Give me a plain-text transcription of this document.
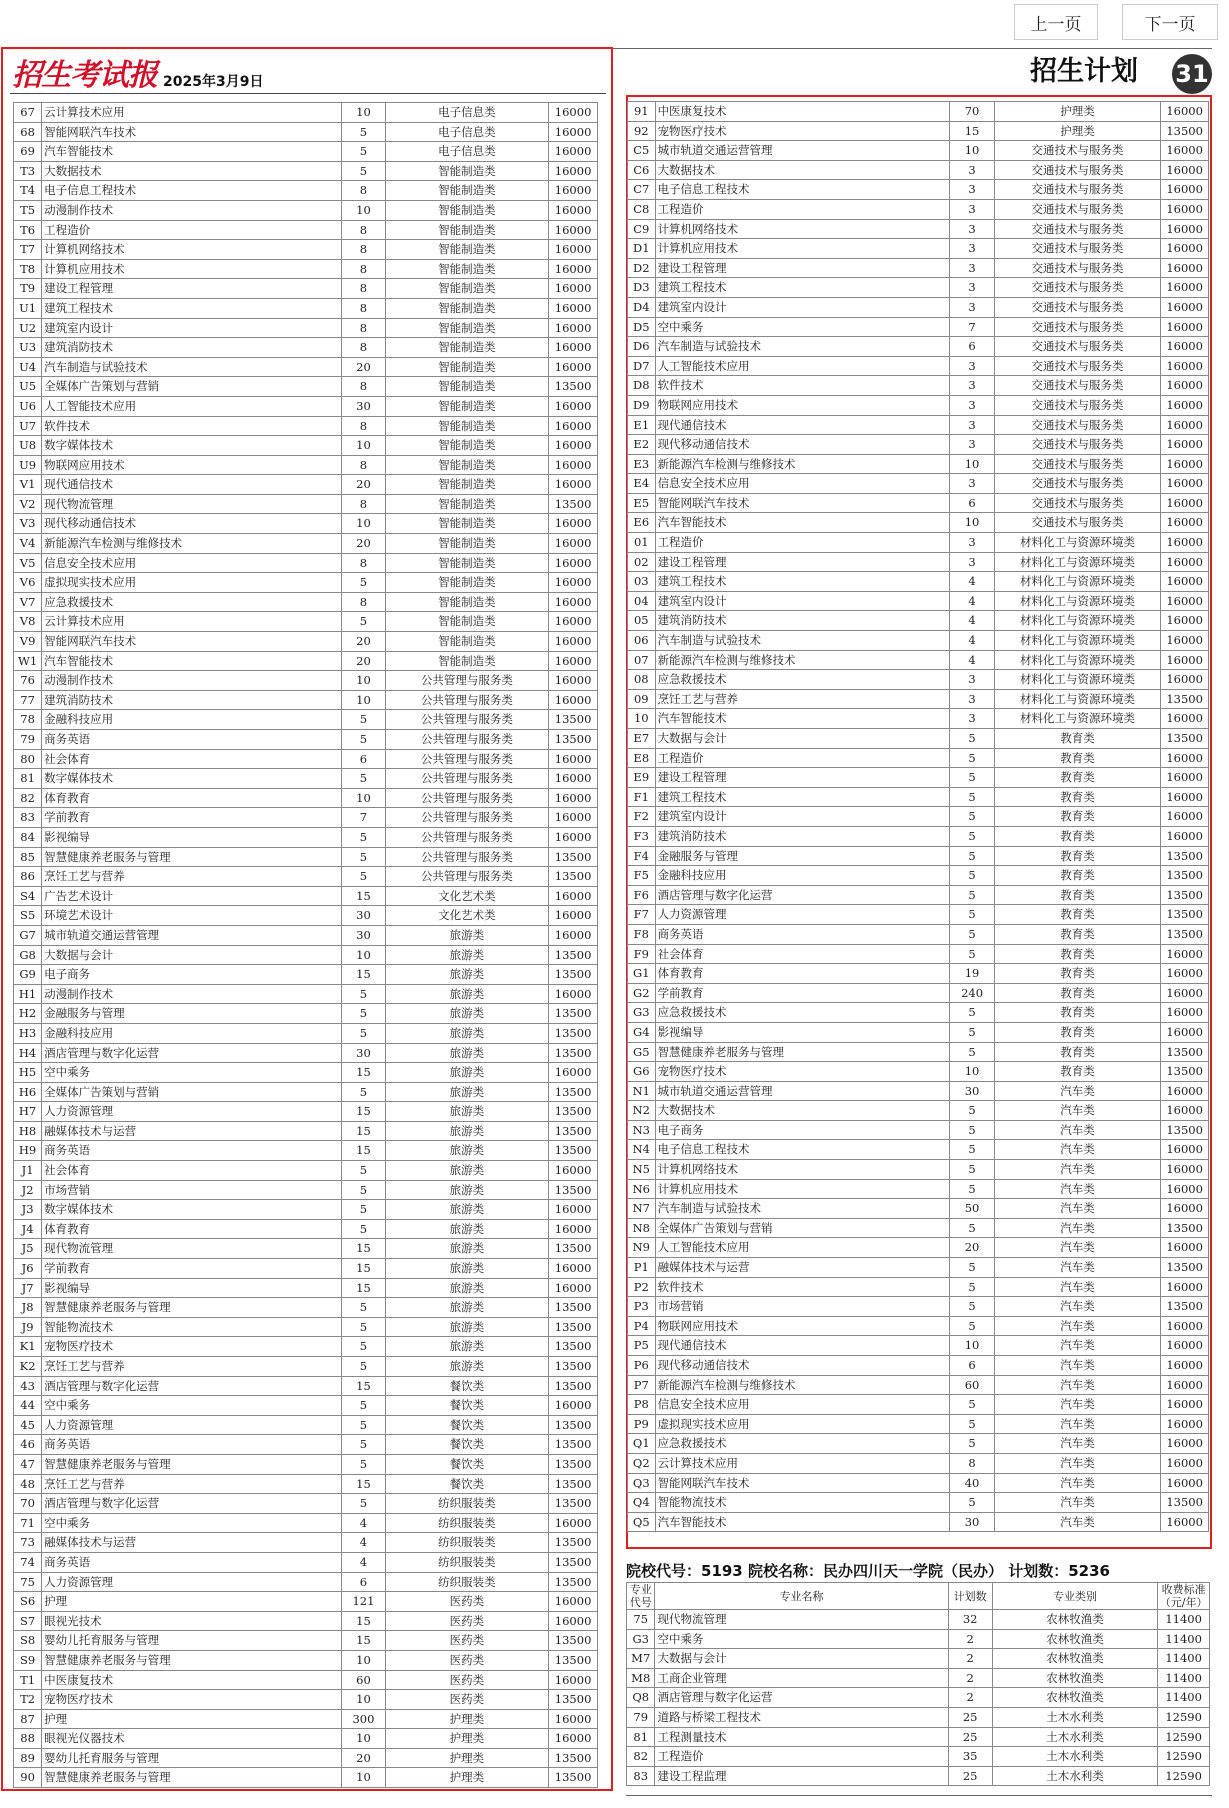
上一页	下一页
招生考试报 2025年3月9日	招生计划 31
67	云计算技术应用	10	电子信息类	16000
68	智能网联汽车技术	5	电子信息类	16000
69	汽车智能技术	5	电子信息类	16000
T3	大数据技术	5	智能制造类	16000
T4	电子信息工程技术	8	智能制造类	16000
T5	动漫制作技术	10	智能制造类	16000
T6	工程造价	8	智能制造类	16000
T7	计算机网络技术	8	智能制造类	16000
T8	计算机应用技术	8	智能制造类	16000
T9	建设工程管理	8	智能制造类	16000
U1	建筑工程技术	8	智能制造类	16000
U2	建筑室内设计	8	智能制造类	16000
U3	建筑消防技术	8	智能制造类	16000
U4	汽车制造与试验技术	20	智能制造类	16000
U5	全媒体广告策划与营销	8	智能制造类	13500
U6	人工智能技术应用	30	智能制造类	16000
U7	软件技术	8	智能制造类	16000
U8	数字媒体技术	10	智能制造类	16000
U9	物联网应用技术	8	智能制造类	16000
V1	现代通信技术	20	智能制造类	16000
V2	现代物流管理	8	智能制造类	13500
V3	现代移动通信技术	10	智能制造类	16000
V4	新能源汽车检测与维修技术	20	智能制造类	16000
V5	信息安全技术应用	8	智能制造类	16000
V6	虚拟现实技术应用	5	智能制造类	16000
V7	应急救援技术	8	智能制造类	16000
V8	云计算技术应用	5	智能制造类	16000
V9	智能网联汽车技术	20	智能制造类	16000
W1	汽车智能技术	20	智能制造类	16000
76	动漫制作技术	10	公共管理与服务类	16000
77	建筑消防技术	10	公共管理与服务类	16000
78	金融科技应用	5	公共管理与服务类	13500
79	商务英语	5	公共管理与服务类	13500
80	社会体育	6	公共管理与服务类	16000
81	数字媒体技术	5	公共管理与服务类	16000
82	体育教育	10	公共管理与服务类	16000
83	学前教育	7	公共管理与服务类	16000
84	影视编导	5	公共管理与服务类	16000
85	智慧健康养老服务与管理	5	公共管理与服务类	13500
86	烹饪工艺与营养	5	公共管理与服务类	13500
S4	广告艺术设计	15	文化艺术类	16000
S5	环境艺术设计	30	文化艺术类	16000
G7	城市轨道交通运营管理	30	旅游类	16000
G8	大数据与会计	10	旅游类	13500
G9	电子商务	15	旅游类	13500
H1	动漫制作技术	5	旅游类	16000
H2	金融服务与管理	5	旅游类	13500
H3	金融科技应用	5	旅游类	13500
H4	酒店管理与数字化运营	30	旅游类	13500
H5	空中乘务	15	旅游类	16000
H6	全媒体广告策划与营销	5	旅游类	13500
H7	人力资源管理	15	旅游类	13500
H8	融媒体技术与运营	15	旅游类	13500
H9	商务英语	15	旅游类	13500
J1	社会体育	5	旅游类	16000
J2	市场营销	5	旅游类	13500
J3	数字媒体技术	5	旅游类	16000
J4	体育教育	5	旅游类	16000
J5	现代物流管理	15	旅游类	13500
J6	学前教育	15	旅游类	16000
J7	影视编导	15	旅游类	16000
J8	智慧健康养老服务与管理	5	旅游类	13500
J9	智能物流技术	5	旅游类	13500
K1	宠物医疗技术	5	旅游类	13500
K2	烹饪工艺与营养	5	旅游类	13500
43	酒店管理与数字化运营	15	餐饮类	13500
44	空中乘务	5	餐饮类	16000
45	人力资源管理	5	餐饮类	13500
46	商务英语	5	餐饮类	13500
47	智慧健康养老服务与管理	5	餐饮类	13500
48	烹饪工艺与营养	15	餐饮类	13500
70	酒店管理与数字化运营	5	纺织服装类	13500
71	空中乘务	4	纺织服装类	16000
73	融媒体技术与运营	4	纺织服装类	13500
74	商务英语	4	纺织服装类	13500
75	人力资源管理	6	纺织服装类	13500
S6	护理	121	医药类	16000
S7	眼视光技术	15	医药类	16000
S8	婴幼儿托育服务与管理	15	医药类	13500
S9	智慧健康养老服务与管理	10	医药类	13500
T1	中医康复技术	60	医药类	16000
T2	宠物医疗技术	10	医药类	13500
87	护理	300	护理类	16000
88	眼视光仪器技术	10	护理类	16000
89	婴幼儿托育服务与管理	20	护理类	13500
90	智慧健康养老服务与管理	10	护理类	13500
91	中医康复技术	70	护理类	16000
92	宠物医疗技术	15	护理类	13500
C5	城市轨道交通运营管理	10	交通技术与服务类	16000
C6	大数据技术	3	交通技术与服务类	16000
C7	电子信息工程技术	3	交通技术与服务类	16000
C8	工程造价	3	交通技术与服务类	16000
C9	计算机网络技术	3	交通技术与服务类	16000
D1	计算机应用技术	3	交通技术与服务类	16000
D2	建设工程管理	3	交通技术与服务类	16000
D3	建筑工程技术	3	交通技术与服务类	16000
D4	建筑室内设计	3	交通技术与服务类	16000
D5	空中乘务	7	交通技术与服务类	16000
D6	汽车制造与试验技术	6	交通技术与服务类	16000
D7	人工智能技术应用	3	交通技术与服务类	16000
D8	软件技术	3	交通技术与服务类	16000
D9	物联网应用技术	3	交通技术与服务类	16000
E1	现代通信技术	3	交通技术与服务类	16000
E2	现代移动通信技术	3	交通技术与服务类	16000
E3	新能源汽车检测与维修技术	10	交通技术与服务类	16000
E4	信息安全技术应用	3	交通技术与服务类	16000
E5	智能网联汽车技术	6	交通技术与服务类	16000
E6	汽车智能技术	10	交通技术与服务类	16000
01	工程造价	3	材料化工与资源环境类	16000
02	建设工程管理	3	材料化工与资源环境类	16000
03	建筑工程技术	4	材料化工与资源环境类	16000
04	建筑室内设计	4	材料化工与资源环境类	16000
05	建筑消防技术	4	材料化工与资源环境类	16000
06	汽车制造与试验技术	4	材料化工与资源环境类	16000
07	新能源汽车检测与维修技术	4	材料化工与资源环境类	16000
08	应急救援技术	3	材料化工与资源环境类	16000
09	烹饪工艺与营养	3	材料化工与资源环境类	13500
10	汽车智能技术	3	材料化工与资源环境类	16000
E7	大数据与会计	5	教育类	13500
E8	工程造价	5	教育类	16000
E9	建设工程管理	5	教育类	16000
F1	建筑工程技术	5	教育类	16000
F2	建筑室内设计	5	教育类	16000
F3	建筑消防技术	5	教育类	16000
F4	金融服务与管理	5	教育类	13500
F5	金融科技应用	5	教育类	13500
F6	酒店管理与数字化运营	5	教育类	13500
F7	人力资源管理	5	教育类	13500
F8	商务英语	5	教育类	13500
F9	社会体育	5	教育类	16000
G1	体育教育	19	教育类	16000
G2	学前教育	240	教育类	16000
G3	应急救援技术	5	教育类	16000
G4	影视编导	5	教育类	16000
G5	智慧健康养老服务与管理	5	教育类	13500
G6	宠物医疗技术	10	教育类	13500
N1	城市轨道交通运营管理	30	汽车类	16000
N2	大数据技术	5	汽车类	16000
N3	电子商务	5	汽车类	13500
N4	电子信息工程技术	5	汽车类	16000
N5	计算机网络技术	5	汽车类	16000
N6	计算机应用技术	5	汽车类	16000
N7	汽车制造与试验技术	50	汽车类	16000
N8	全媒体广告策划与营销	5	汽车类	13500
N9	人工智能技术应用	20	汽车类	16000
P1	融媒体技术与运营	5	汽车类	13500
P2	软件技术	5	汽车类	16000
P3	市场营销	5	汽车类	13500
P4	物联网应用技术	5	汽车类	16000
P5	现代通信技术	10	汽车类	16000
P6	现代移动通信技术	6	汽车类	16000
P7	新能源汽车检测与维修技术	60	汽车类	16000
P8	信息安全技术应用	5	汽车类	16000
P9	虚拟现实技术应用	5	汽车类	16000
Q1	应急救援技术	5	汽车类	16000
Q2	云计算技术应用	8	汽车类	16000
Q3	智能网联汽车技术	40	汽车类	16000
Q4	智能物流技术	5	汽车类	13500
Q5	汽车智能技术	30	汽车类	16000
院校代号：5193 院校名称：民办四川天一学院（民办） 计划数：5236
专业代号	专业名称	计划数	专业类别	收费标准（元/年）
75	现代物流管理	32	农林牧渔类	11400
G3	空中乘务	2	农林牧渔类	11400
M7	大数据与会计	2	农林牧渔类	11400
M8	工商企业管理	2	农林牧渔类	11400
Q8	酒店管理与数字化运营	2	农林牧渔类	11400
79	道路与桥梁工程技术	25	土木水利类	12590
81	工程测量技术	25	土木水利类	12590
82	工程造价	35	土木水利类	12590
83	建设工程监理	25	土木水利类	12590
